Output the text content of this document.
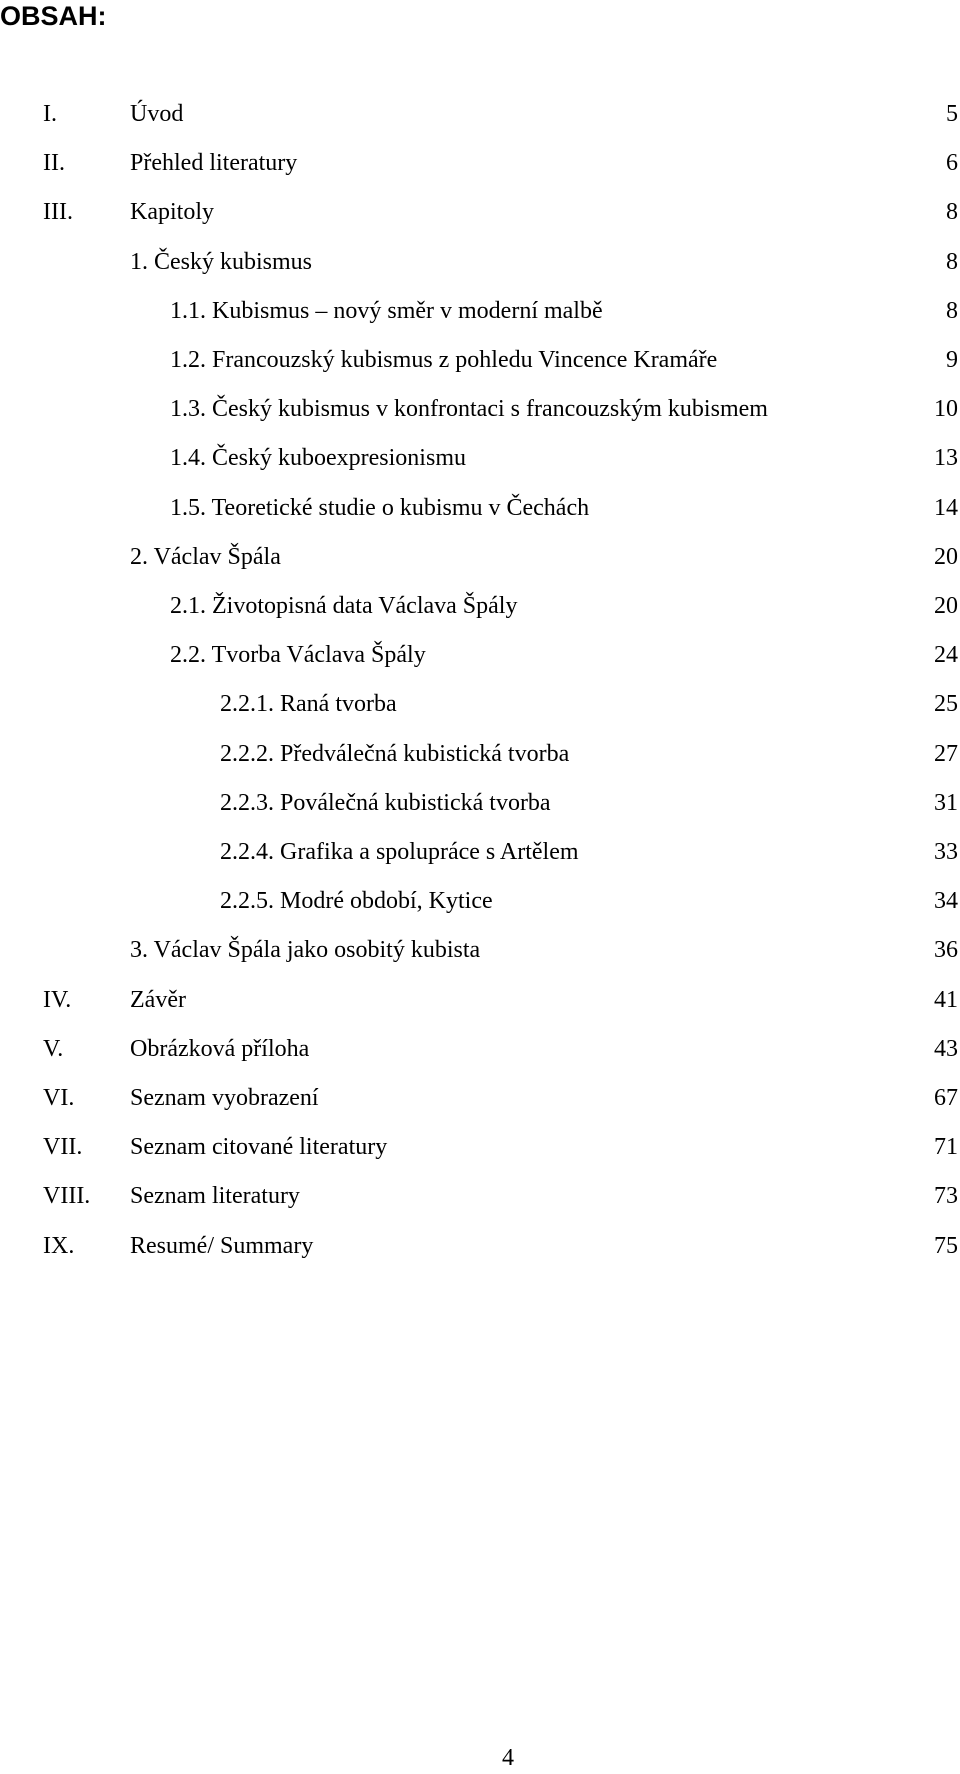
OBSAH:
I.	Úvod	5
II.	Přehled literatury	6
III. Kapitoly	8
1. Český kubismus	8
1.1. Kubismus – nový směr v moderní malbě	8
1.2. Francouzský kubismus z pohledu Vincence Kramáře	9
1.3. Český kubismus v konfrontaci s francouzským kubismem	10
1.4. Český kuboexpresionismu	13
1.5. Teoretické studie o kubismu v Čechách	14
2. Václav Špála	20
2.1. Životopisná data Václava Špály	20
2.2. Tvorba Václava Špály	24
2.2.1. Raná tvorba	25
2.2.2. Předválečná kubistická tvorba	27
2.2.3. Poválečná kubistická tvorba	31
2.2.4. Grafika a spolupráce s Artělem	33
2.2.5. Modré období, Kytice	34
3. Václav Špála jako osobitý kubista	36
IV. Závěr	41
V.	Obrázková příloha	43
VI. Seznam vyobrazení	67
VII. Seznam citované literatury	71
VIII. Seznam literatury	73
IX. Resumé/ Summary	75
4
